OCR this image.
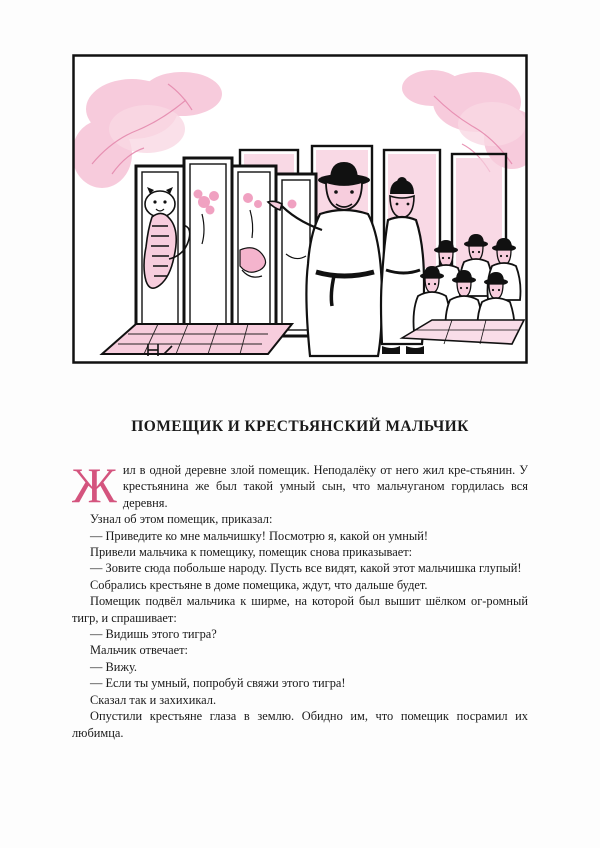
ПОМЕЩИК И КРЕСТЬЯНСКИЙ МАЛЬЧИК
Ж ил в одной деревне злой помещик. Неподалёку от него жил кре-стьянин. У крестьянина же был такой умный сын, что мальчуганом гордилась вся деревня.

Узнал об этом помещик, приказал:

— Приведите ко мне мальчишку! Посмотрю я, какой он умный!

Привели мальчика к помещику, помещик снова приказывает:

— Зовите сюда побольше народу. Пусть все видят, какой этот мальчишка глупый!

Собрались крестьяне в доме помещика, ждут, что дальше будет.

Помещик подвёл мальчика к ширме, на которой был вышит шёлком ог-ромный тигр, и спрашивает:

— Видишь этого тигра?

Мальчик отвечает:

— Вижу.

— Если ты умный, попробуй свяжи этого тигра!

Сказал так и захихикал.

Опустили крестьяне глаза в землю. Обидно им, что помещик посрамил их любимца.
